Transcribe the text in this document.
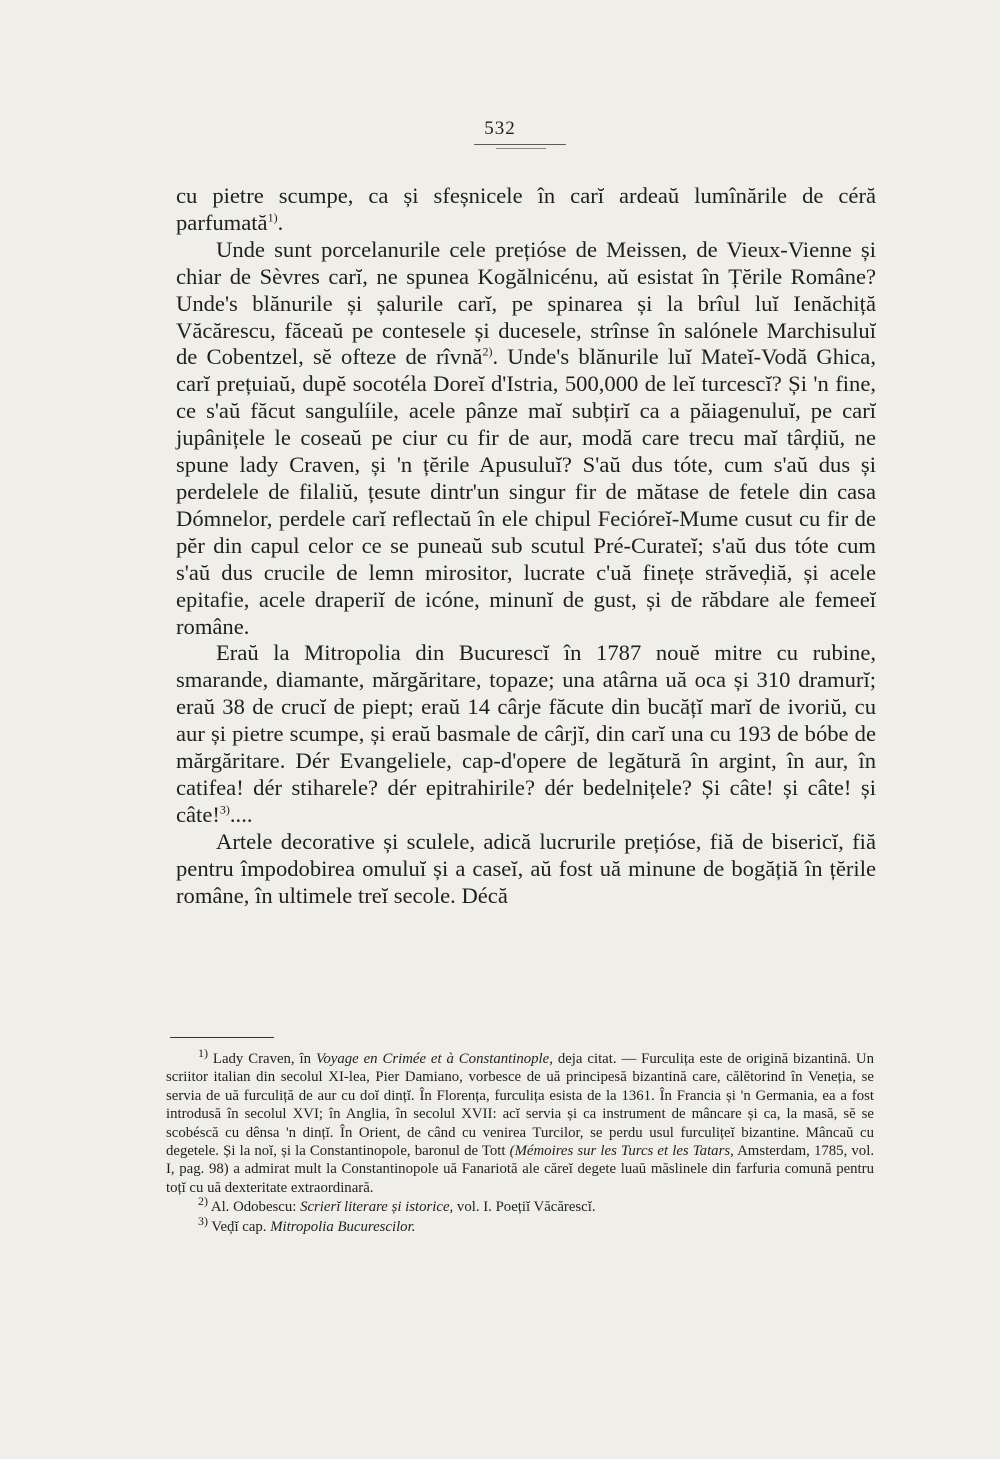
532

cu pietre scumpe, ca și sfeșnicele în carĭ ardeaŭ lumînările de céră parfumată$^{1)}$.

Unde sunt porcelanurile cele prețióse de Meissen, de Vieux-Vienne și chiar de Sèvres carĭ, ne spunea Kogălnicénu, aŭ esistat în Țĕrile Române? Unde's blănurile și șalurile carĭ, pe spinarea și la brîul luĭ Ienăchiță Văcărescu, făceaŭ pe contesele și ducesele, strînse în salónele Marchisuluĭ de Cobentzel, sĕ ofteze de rîvnă$^{2)}$. Unde's blănurile luĭ Mateĭ-Vodă Ghica, carĭ prețuiaŭ, dupĕ socotéla Doreĭ d'Istria, 500,000 de leĭ turcescĭ? Și 'n fine, ce s'aŭ făcut sangulíile, acele pânze maĭ subțirĭ ca a păiagenuluĭ, pe carĭ jupânițele le coseaŭ pe ciur cu fir de aur, modă care trecu maĭ târḑiŭ, ne spune lady Craven, și 'n țĕrile Apusuluĭ? S'aŭ dus tóte, cum s'aŭ dus și perdelele de filaliŭ, țesute dintr'un singur fir de mătase de fetele din casa Dómnelor, perdele carĭ reflectaŭ în ele chipul Fecióreĭ-Mume cusut cu fir de pĕr din capul celor ce se puneaŭ sub scutul Pré-Curateĭ; s'aŭ dus tóte cum s'aŭ dus crucile de lemn mirositor, lucrate c'uă finețe străveḑiă, și acele epitafie, acele draperiĭ de icóne, minunĭ de gust, și de răbdare ale femeeĭ române.

Eraŭ la Mitropolia din Bucurescĭ în 1787 nouĕ mitre cu rubine, smarande, diamante, mărgăritare, topaze; una atârna uă oca și 310 dramurĭ; eraŭ 38 de crucĭ de piept; eraŭ 14 cârje făcute din bucățĭ marĭ de ivoriŭ, cu aur și pietre scumpe, și eraŭ basmale de cârjĭ, din carĭ una cu 193 de bóbe de mărgăritare. Dér Evangeliele, cap-d'opere de legătură în argint, în aur, în catifea! dér stiharele? dér epitrahirile? dér bedelnițele? Și câte! și câte! și câte!$^{3)}$....

Artele decorative și sculele, adică lucrurile prețióse, fiă de bisericĭ, fiă pentru împodobirea omuluĭ și a caseĭ, aŭ fost uă minune de bogățiă în țĕrile române, în ultimele treĭ secole. Décă

$^{1)}$ Lady Craven, în Voyage en Crimée et à Constantinople, deja citat. — Furculița este de origină bizantină. Un scriitor italian din secolul XI-lea, Pier Damiano, vorbesce de uă principesă bizantină care, călĕtorind în Veneția, se servia de uă furculiță de aur cu doĭ dințĭ. În Florența, furculița esista de la 1361. În Francia și 'n Germania, ea a fost introdusă în secolul XVI; în Anglia, în secolul XVII: acĭ servia și ca instrument de mâncare și ca, la masă, sĕ se scobéscă cu dênsa 'n dințĭ. În Orient, de când cu venirea Turcilor, se perdu usul furculițeĭ bizantine. Mâncaŭ cu degetele. Și la noĭ, și la Constantinopole, baronul de Tott (Mémoires sur les Turcs et les Tatars, Amsterdam, 1785, vol. I, pag. 98) a admirat mult la Constantinopole uă Fanariotă ale căreĭ degete luaŭ măslinele din farfuria comună pentru toțĭ cu uă dexteritate extraordinară.

$^{2)}$ Al. Odobescu: Scrierĭ literare și istorice, vol. I. Poețiĭ Văcărescĭ.

$^{3)}$ Veḑĭ cap. Mitropolia Bucurescilor.
